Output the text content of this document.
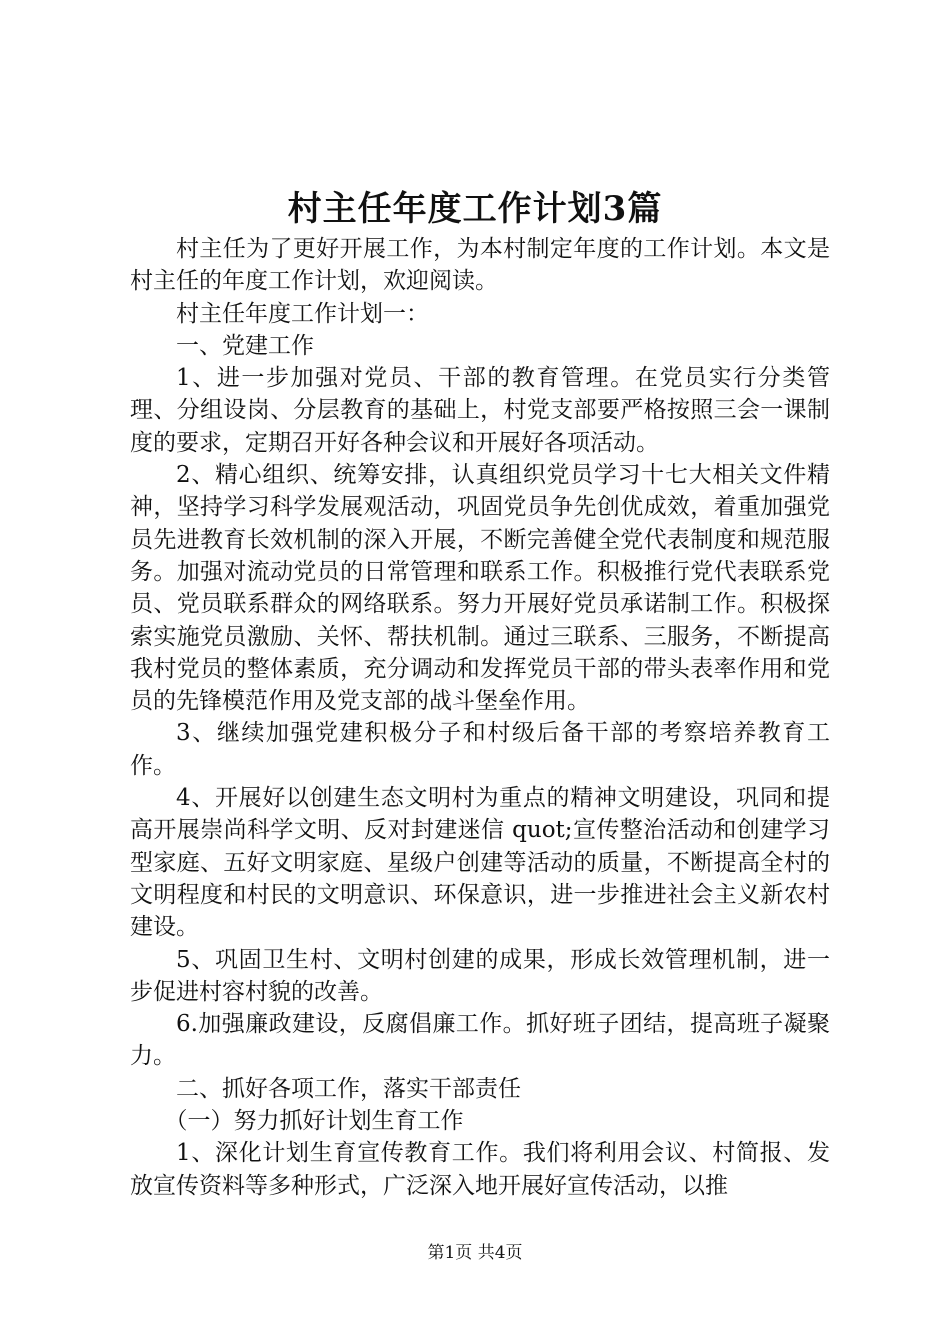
村主任年度工作计划3篇

村主任为了更好开展工作，为本村制定年度的工作计划。本文是村主任的年度工作计划，欢迎阅读。

村主任年度工作计划一：

一、党建工作

1、进一步加强对党员、干部的教育管理。在党员实行分类管理、分组设岗、分层教育的基础上，村党支部要严格按照三会一课制度的要求，定期召开好各种会议和开展好各项活动。

2、精心组织、统筹安排，认真组织党员学习十七大相关文件精神，坚持学习科学发展观活动，巩固党员争先创优成效，着重加强党员先进教育长效机制的深入开展，不断完善健全党代表制度和规范服务。加强对流动党员的日常管理和联系工作。积极推行党代表联系党员、党员联系群众的网络联系。努力开展好党员承诺制工作。积极探索实施党员激励、关怀、帮扶机制。通过三联系、三服务，不断提高我村党员的整体素质，充分调动和发挥党员干部的带头表率作用和党员的先锋模范作用及党支部的战斗堡垒作用。

3、继续加强党建积极分子和村级后备干部的考察培养教育工作。

4、开展好以创建生态文明村为重点的精神文明建设，巩同和提高开展崇尚科学文明、反对封建迷信 quot;宣传整治活动和创建学习型家庭、五好文明家庭、星级户创建等活动的质量，不断提高全村的文明程度和村民的文明意识、环保意识，进一步推进社会主义新农村建设。

5、巩固卫生村、文明村创建的成果，形成长效管理机制，进一步促进村容村貌的改善。

6.加强廉政建设，反腐倡廉工作。抓好班子团结，提高班子凝聚力。

二、抓好各项工作，落实干部责任

（一）努力抓好计划生育工作

1、深化计划生育宣传教育工作。我们将利用会议、村简报、发放宣传资料等多种形式，广泛深入地开展好宣传活动，以推

第1页 共4页
